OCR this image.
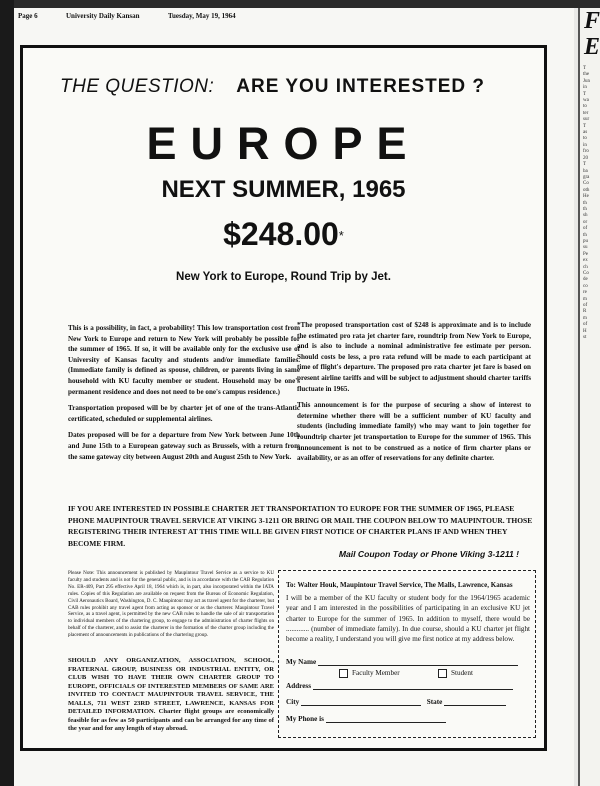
Page 6	University Daily Kansan	Tuesday, May 19, 1964	F
E
T
the
Jun
in
T
wa
to
ter
sur
T
as
to
in
fro
20
T
ba
gra
Co
oth
He
th
th
sh
or
of
th
pu
su
Pe
ex
ch
Co
de
co
re
m
of
R
m
of
H
st
THE QUESTION: ARE YOU INTERESTED ?
EUROPE
NEXT SUMMER, 1965
$248.00*
New York to Europe, Round Trip by Jet.

This is a possibility, in fact, a probability! This low transportation cost from New York to Europe and return to New York will probably be possible for the summer of 1965. If so, it will be available only for the exclusive use of University of Kansas faculty and students and/or immediate families. (Immediate family is defined as spouse, children, or parents living in same household with KU faculty member or student. Household may be one's permanent residence and does not need to be one's campus residence.)

Transportation proposed will be by charter jet of one of the trans-Atlantic certificated, scheduled or supplemental airlines.

Dates proposed will be for a departure from New York between June 10th and June 15th to a European gateway such as Brussels, with a return from the same gateway city between August 20th and August 25th to New York.

*The proposed transportation cost of $248 is approximate and is to include the estimated pro rata jet charter fare, roundtrip from New York to Europe, and is also to include a nominal administrative fee estimate per person. Should costs be less, a pro rata refund will be made to each participant at time of flight's departure. The proposed pro rata charter jet fare is based on present airline tariffs and will be subject to adjustment should charter tariffs fluctuate in 1965.

This announcement is for the purpose of securing a show of interest to determine whether there will be a sufficient number of KU faculty and students (including immediate family) who may want to join together for roundtrip charter jet transportation to Europe for the summer of 1965. This announcement is not to be construed as a notice of firm charter plans or availability, or as an offer of reservations for any definite charter.

IF YOU ARE INTERESTED IN POSSIBLE CHARTER JET TRANSPORTATION TO EUROPE FOR THE SUMMER OF 1965, PLEASE PHONE MAUPINTOUR TRAVEL SERVICE AT VIKING 3-1211 OR BRING OR MAIL THE COUPON BELOW TO MAUPINTOUR. THOSE REGISTERING THEIR INTEREST AT THIS TIME WILL BE GIVEN FIRST NOTICE OF CHARTER PLANS IF AND WHEN THEY BECOME FIRM.
Mail Coupon Today or Phone Viking 3-1211 !

Please Note: This announcement is published by Maupintour Travel Service as a service to KU faculty and students and is not for the general public, and is in accordance with the CAB Regulation No. ER-409, Part 295 effective April 18, 1964 which is, in part, also incorporated within the IATA rules. Copies of this Regulation are available on request from the Bureau of Economic Regulation, Civil Aeronautics Board, Washington, D. C. Maupintour may act as travel agent for the charterer, but CAB rules prohibit any travel agent from acting as sponsor or as the charterer. Maupintour Travel Service, as a travel agent, is permitted by the new CAB rules to handle the sale of air transportation to individual members of the chartering group, to engage to the administration of charter flights on behalf of the charterer, and to assist the charterer in the formation of the charter group including the placement of announcements in publications of the chartering group.

SHOULD ANY ORGANIZATION, ASSOCIATION, SCHOOL, FRATERNAL GROUP, BUSINESS OR INDUSTRIAL ENTITY, OR CLUB WISH TO HAVE THEIR OWN CHARTER GROUP TO EUROPE, OFFICIALS OF INTERESTED MEMBERS OF SAME ARE INVITED TO CONTACT MAUPINTOUR TRAVEL SERVICE, THE MALLS, 711 WEST 23RD STREET, LAWRENCE, KANSAS FOR DETAILED INFORMATION. Charter flight groups are economically feasible for as few as 50 participants and can be arranged for any time of the year and for any length of stay abroad.
To: Walter Houk, Maupintour Travel Service, The Malls, Lawrence, Kansas
I will be a member of the KU faculty or student body for the 1964/1965 academic year and I am interested in the possibilities of participating in an exclusive KU jet charter to Europe for the summer of 1965. In addition to myself, there would be ............. (number of immediate family). In due course, should a KU charter jet flight become a reality, I understand you will give me first notice at my address below.
My Name
Faculty Member	Student
Address
City	State
My Phone is
